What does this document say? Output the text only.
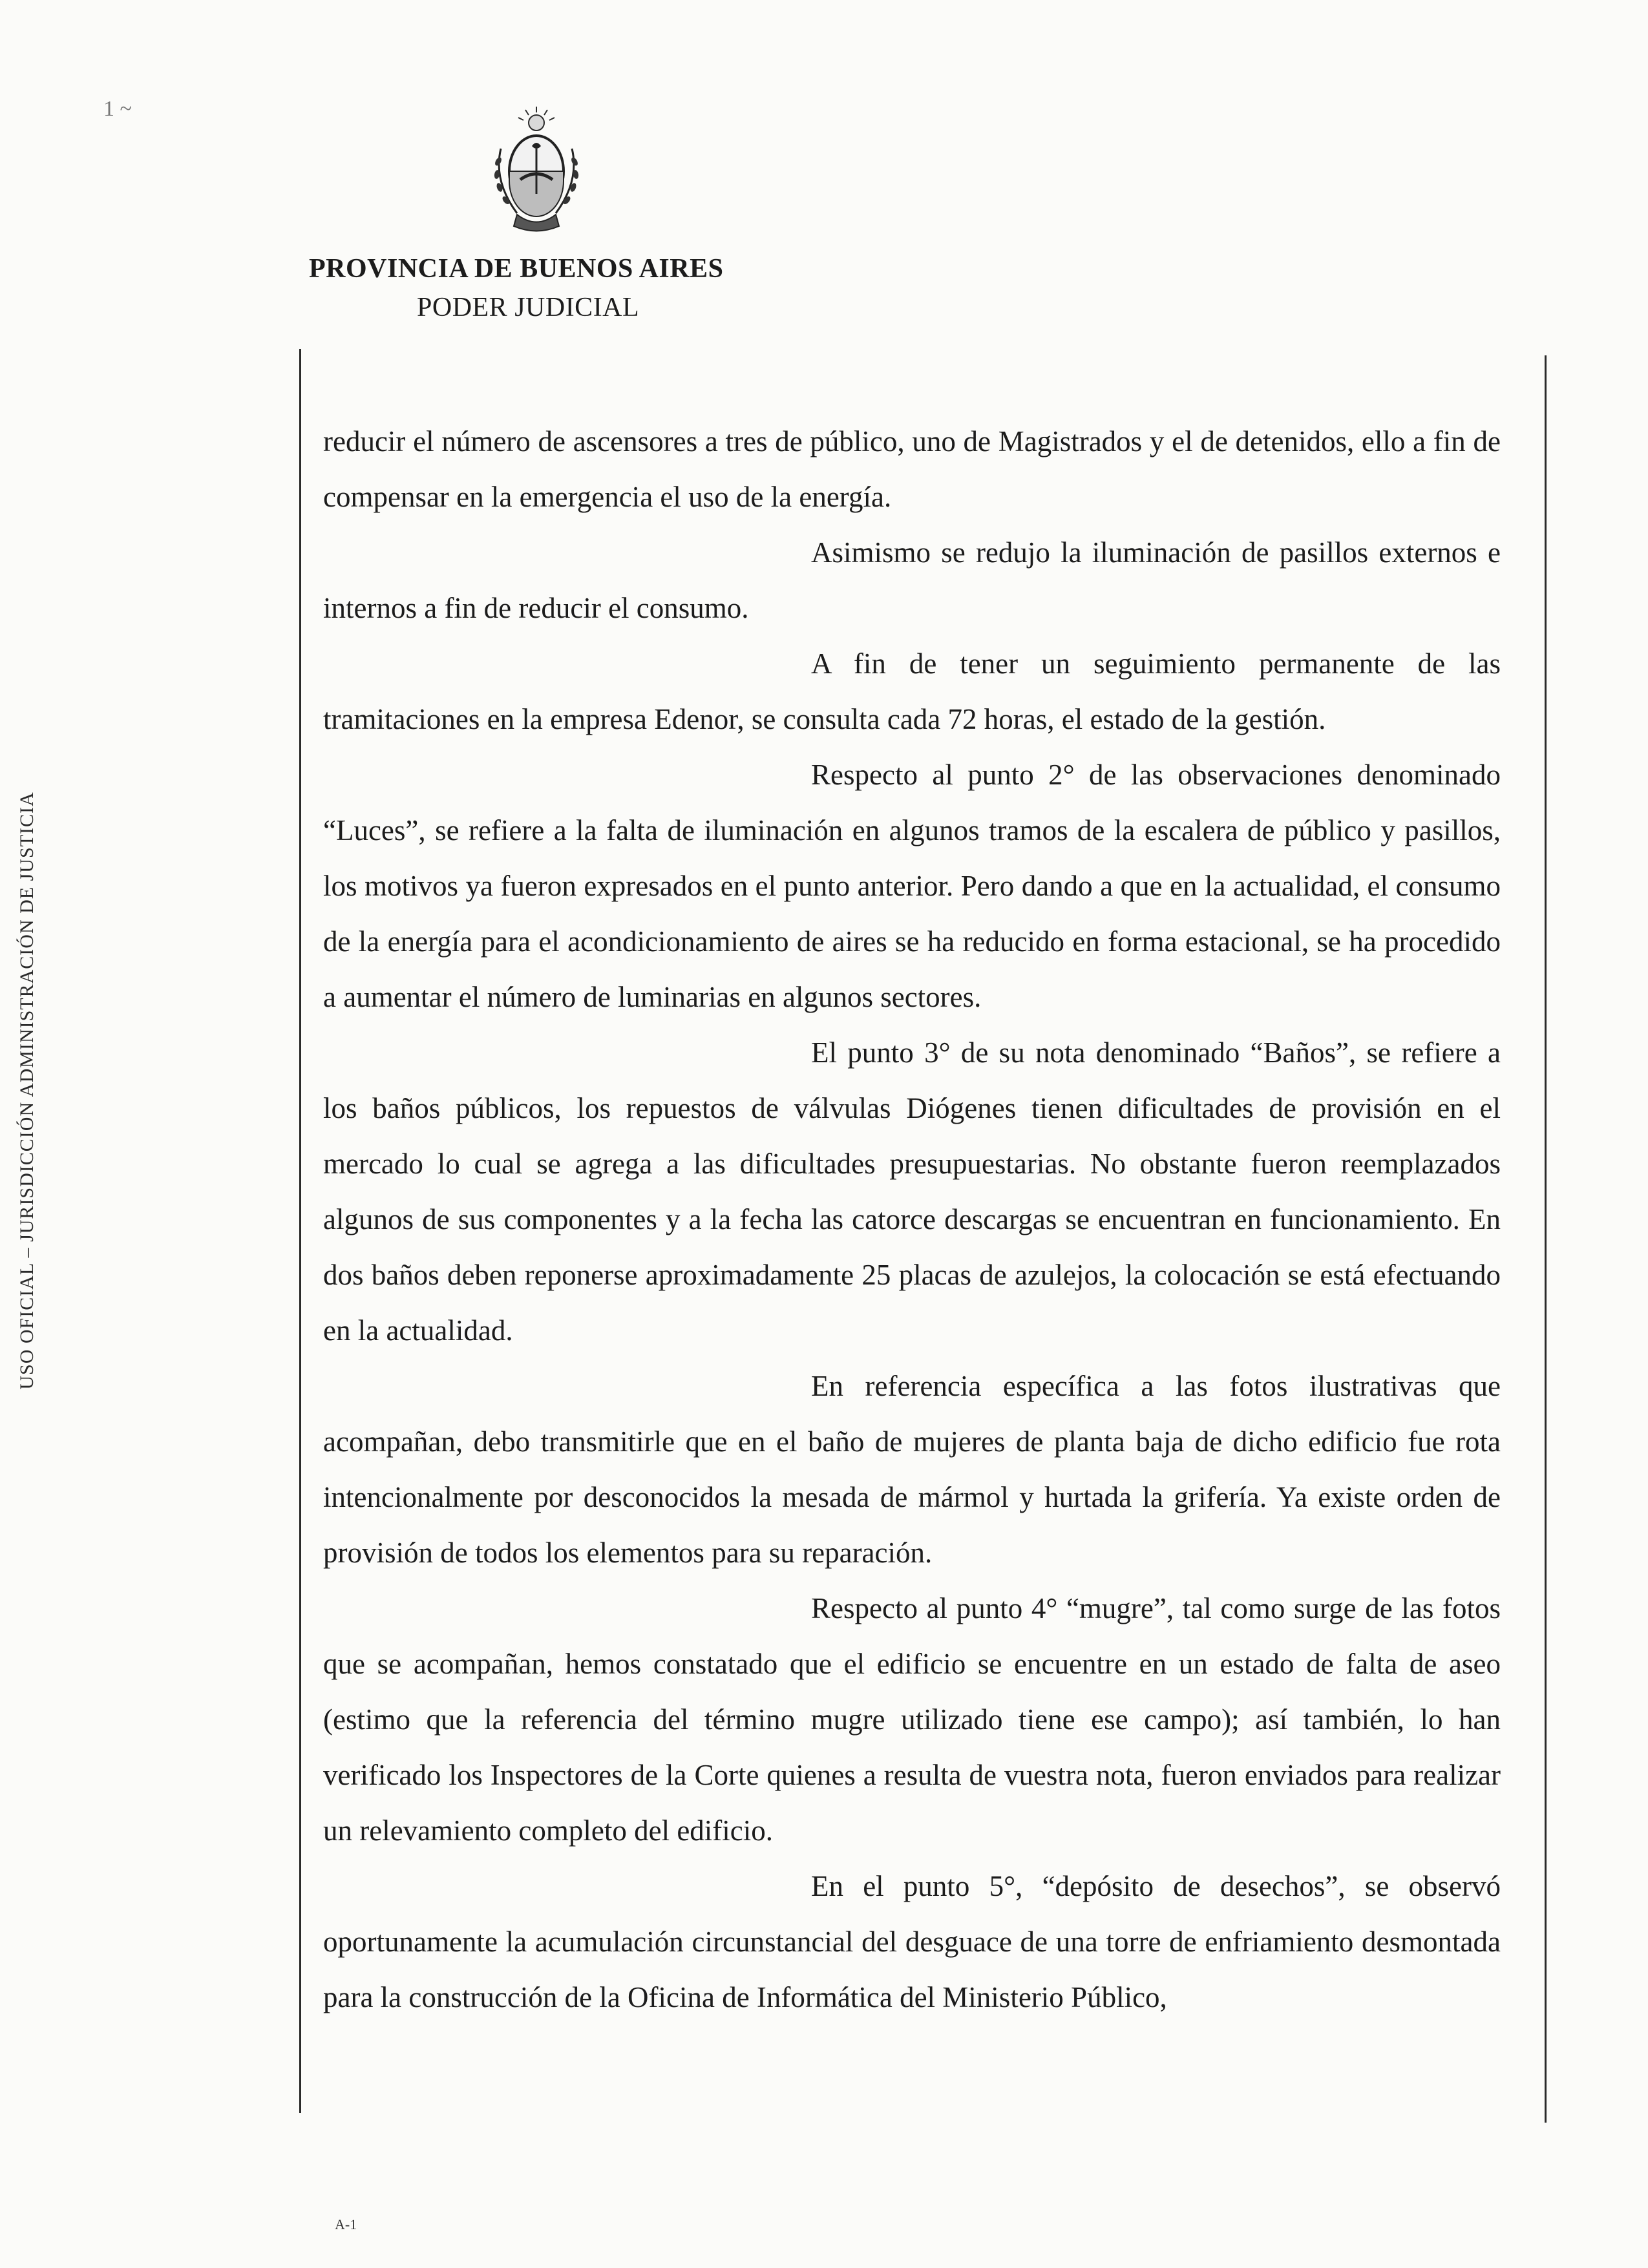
1 ~
PROVINCIA DE BUENOS AIRES
PODER JUDICIAL
USO OFICIAL – JURISDICCIÓN ADMINISTRACIÓN DE JUSTICIA

reducir el número de ascensores a tres de público, uno de Magistrados y el de detenidos, ello a fin de compensar en la emergencia el uso de la energía.

Asimismo se redujo la iluminación de pasillos externos e internos a fin de reducir el consumo.

A fin de tener un seguimiento permanente de las tramitaciones en la empresa Edenor, se consulta cada 72 horas, el estado de la gestión.

Respecto al punto 2° de las observaciones denominado “Luces”, se refiere a la falta de iluminación en algunos tramos de la escalera de público y pasillos, los motivos ya fueron expresados en el punto anterior. Pero dando a que en la actualidad, el consumo de la energía para el acondicionamiento de aires se ha reducido en forma estacional, se ha procedido a aumentar el número de luminarias en algunos sectores.

El punto 3° de su nota denominado “Baños”, se refiere a los baños públicos, los repuestos de válvulas Diógenes tienen dificultades de provisión en el mercado lo cual se agrega a las dificultades presupuestarias. No obstante fueron reemplazados algunos de sus componentes y a la fecha las catorce descargas se encuentran en funcionamiento. En dos baños deben reponerse aproximadamente 25 placas de azulejos, la colocación se está efectuando en la actualidad.

En referencia específica a las fotos ilustrativas que acompañan, debo transmitirle que en el baño de mujeres de planta baja de dicho edificio fue rota intencionalmente por desconocidos la mesada de mármol y hurtada la grifería. Ya existe orden de provisión de todos los elementos para su reparación.

Respecto al punto 4° “mugre”, tal como surge de las fotos que se acompañan, hemos constatado que el edificio se encuentre en un estado de falta de aseo (estimo que la referencia del término mugre utilizado tiene ese campo); así también, lo han verificado los Inspectores de la Corte quienes a resulta de vuestra nota, fueron enviados para realizar un relevamiento completo del edificio.

En el punto 5°, “depósito de desechos”, se observó oportunamente la acumulación circunstancial del desguace de una torre de enfriamiento desmontada para la construcción de la Oficina de Informática del Ministerio Público,

A-1
